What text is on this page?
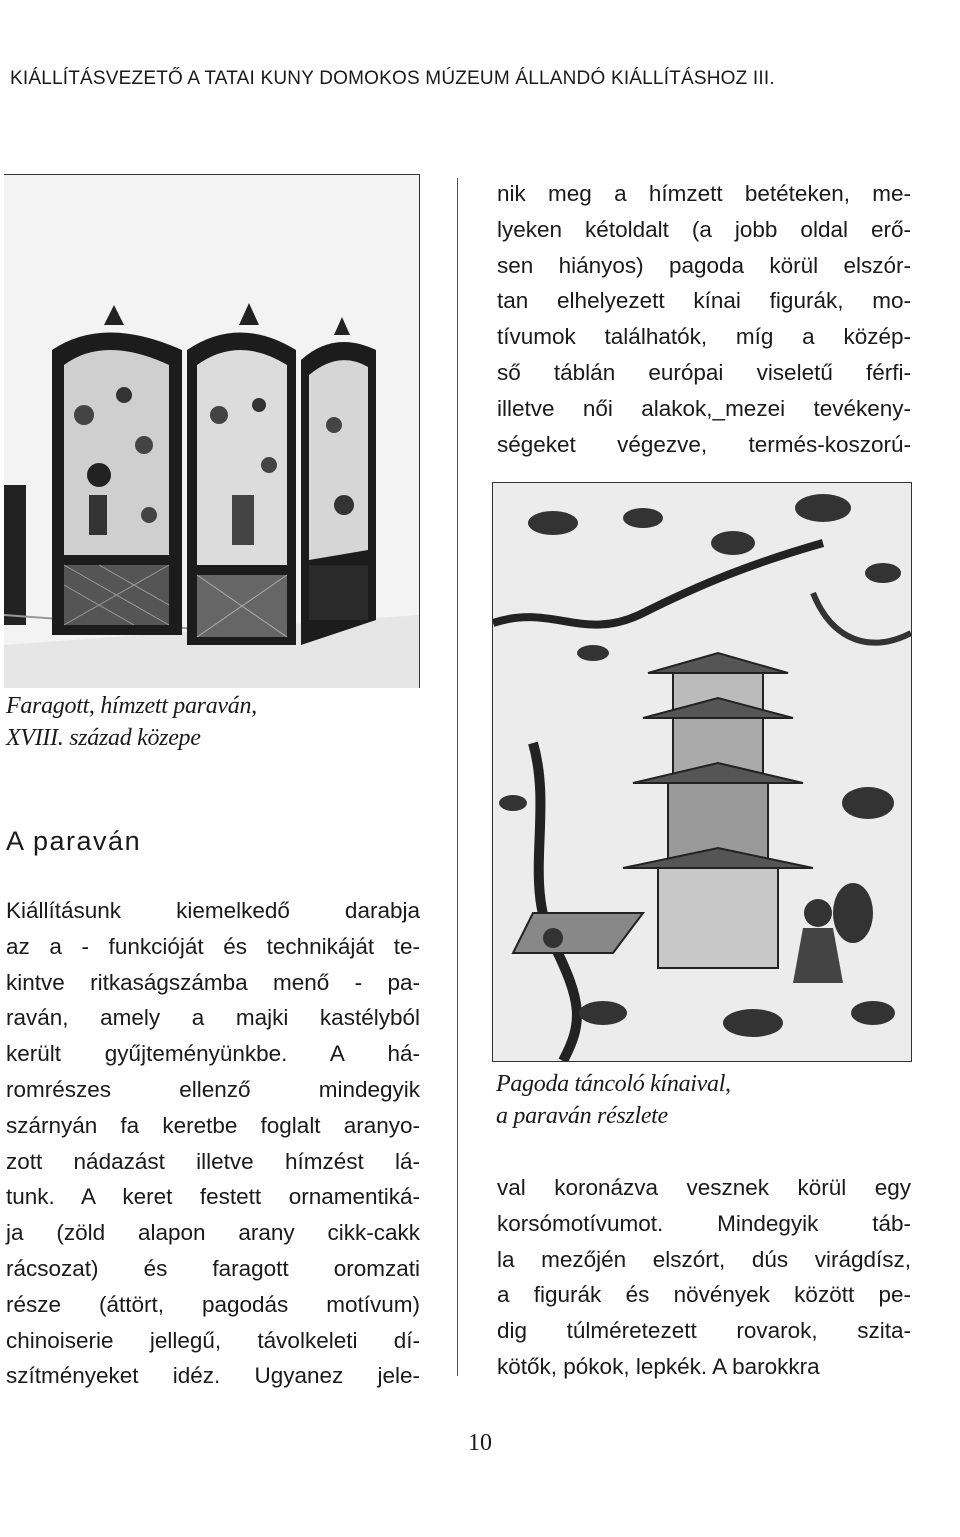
KIÁLLÍTÁSVEZETŐ A TATAI KUNY DOMOKOS MÚZEUM ÁLLANDÓ KIÁLLÍTÁSHOZ III.
Faragott, hímzett paraván,
XVIII. század közepe
A paraván
Kiállításunk kiemelkedő darabja
az a - funkcióját és technikáját te-
kintve ritkaságszámba menő - pa-
raván, amely a majki kastélyból
került gyűjteményünkbe. A há-
romrészes ellenző mindegyik
szárnyán fa keretbe foglalt aranyo-
zott nádazást illetve hímzést lá-
tunk. A keret festett ornamentiká-
ja (zöld alapon arany cikk-cakk
rácsozat) és faragott oromzati
része (áttört, pagodás motívum)
chinoiserie jellegű, távolkeleti dí-
szítményeket idéz. Ugyanez jele-
nik meg a hímzett betéteken, me-
lyeken kétoldalt (a jobb oldal erő-
sen hiányos) pagoda körül elszór-
tan elhelyezett kínai figurák, mo-
tívumok találhatók, míg a közép-
ső táblán európai viseletű férfi-
illetve női alakok,_mezei tevékeny-
ségeket végezve, termés-koszorú-
Pagoda táncoló kínaival,
a paraván részlete
val koronázva vesznek körül egy
korsómotívumot. Mindegyik táb-
la mezőjén elszórt, dús virágdísz,
a figurák és növények között pe-
dig túlméretezett rovarok, szita-
kötők, pókok, lepkék. A barokkra
10
